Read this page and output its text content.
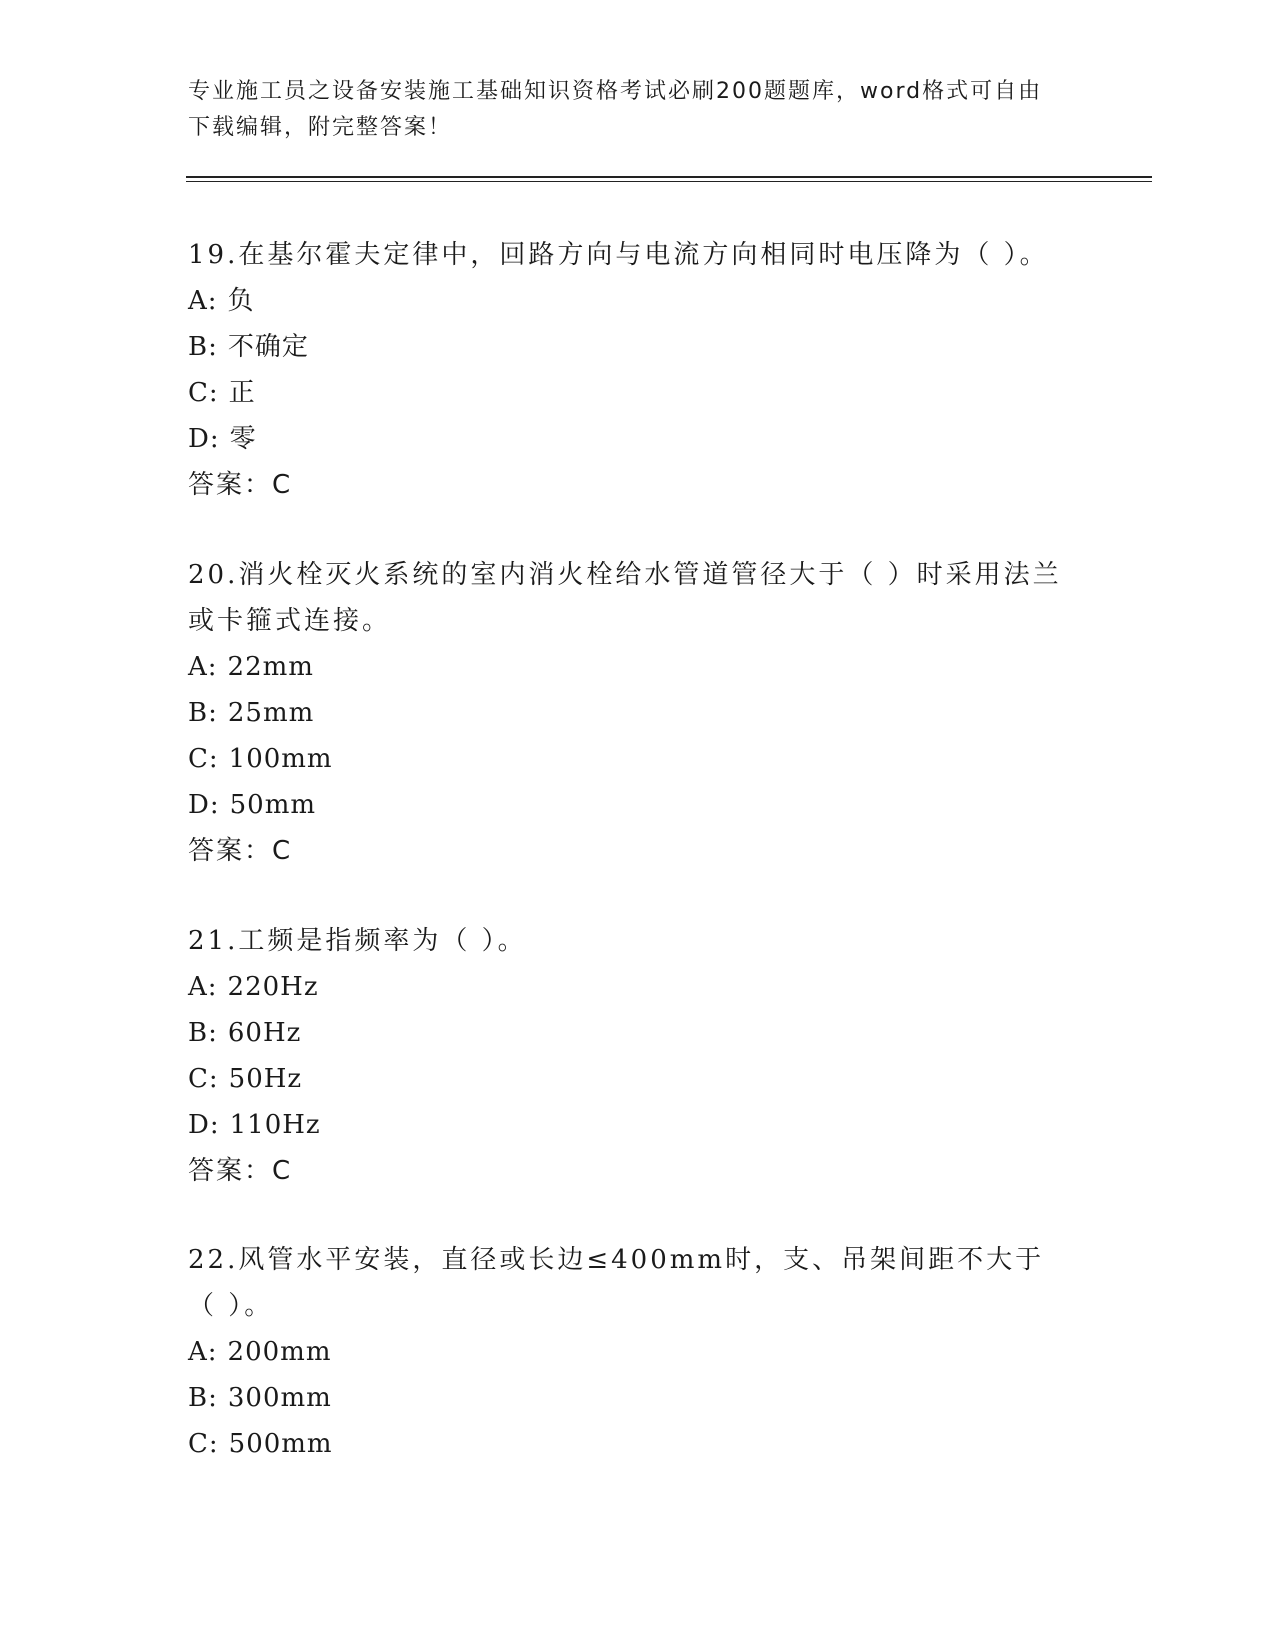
专业施工员之设备安装施工基础知识资格考试必刷200题题库，word格式可自由
下载编辑，附完整答案！

19.在基尔霍夫定律中，回路方向与电流方向相同时电压降为（ ）。

A: 负

B: 不确定

C: 正

D: 零

答案：C

20.消火栓灭火系统的室内消火栓给水管道管径大于（ ）时采用法兰或卡箍式连接。

A: 22mm

B: 25mm

C: 100mm

D: 50mm

答案：C

21.工频是指频率为（ ）。

A: 220Hz

B: 60Hz

C: 50Hz

D: 110Hz

答案：C

22.风管水平安装，直径或长边≤400mm时，支、吊架间距不大于（ ）。

A: 200mm

B: 300mm

C: 500mm
